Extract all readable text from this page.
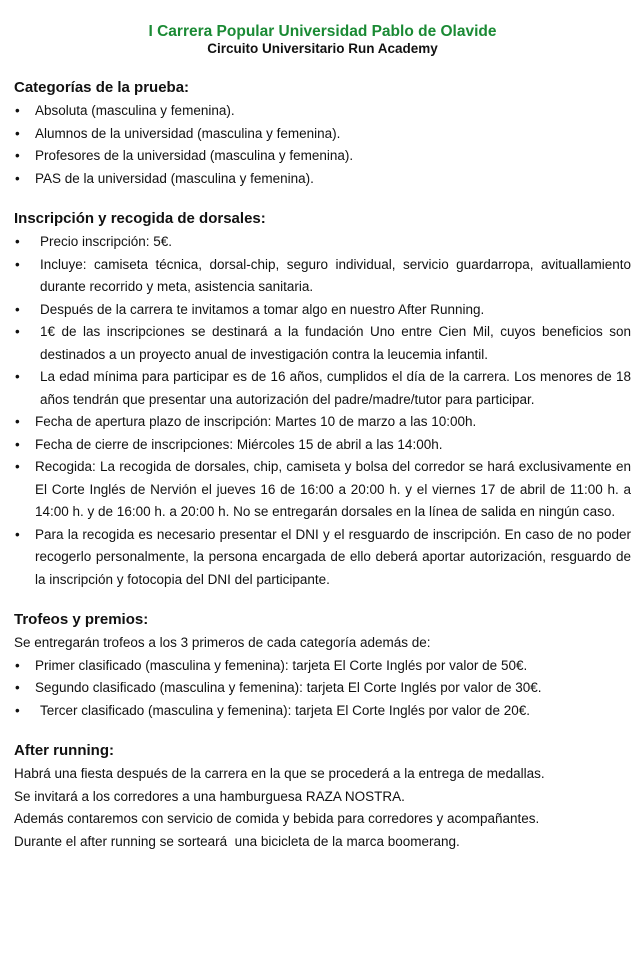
I Carrera Popular Universidad Pablo de Olavide
Circuito Universitario Run Academy
Categorías de la prueba:
• Absoluta (masculina y femenina).
• Alumnos de la universidad (masculina y femenina).
• Profesores de la universidad (masculina y femenina).
• PAS de la universidad (masculina y femenina).
Inscripción y recogida de dorsales:
• Precio inscripción: 5€.
• Incluye: camiseta técnica, dorsal-chip, seguro individual, servicio guardarropa, avituallamiento durante recorrido y meta, asistencia sanitaria.
• Después de la carrera te invitamos a tomar algo en nuestro After Running.
• 1€ de las inscripciones se destinará a la fundación Uno entre Cien Mil, cuyos beneficios son destinados a un proyecto anual de investigación contra la leucemia infantil.
• La edad mínima para participar es de 16 años, cumplidos el día de la carrera. Los menores de 18 años tendrán que presentar una autorización del padre/madre/tutor para participar.
• Fecha de apertura plazo de inscripción: Martes 10 de marzo a las 10:00h.
• Fecha de cierre de inscripciones: Miércoles 15 de abril a las 14:00h.
• Recogida: La recogida de dorsales, chip, camiseta y bolsa del corredor se hará exclusivamente en El Corte Inglés de Nervión el jueves 16 de 16:00 a 20:00 h. y el viernes 17 de abril de 11:00 h. a 14:00 h. y de 16:00 h. a 20:00 h. No se entregarán dorsales en la línea de salida en ningún caso.
• Para la recogida es necesario presentar el DNI y el resguardo de inscripción. En caso de no poder recogerlo personalmente, la persona encargada de ello deberá aportar autorización, resguardo de la inscripción y fotocopia del DNI del participante.
Trofeos y premios:

Se entregarán trofeos a los 3 primeros de cada categoría además de:

• Primer clasificado (masculina y femenina): tarjeta El Corte Inglés por valor de 50€.
• Segundo clasificado (masculina y femenina): tarjeta El Corte Inglés por valor de 30€.
• Tercer clasificado (masculina y femenina): tarjeta El Corte Inglés por valor de 20€.
After running:

Habrá una fiesta después de la carrera en la que se procederá a la entrega de medallas.

Se invitará a los corredores a una hamburguesa RAZA NOSTRA.

Además contaremos con servicio de comida y bebida para corredores y acompañantes.

Durante el after running se sorteará  una bicicleta de la marca boomerang.
